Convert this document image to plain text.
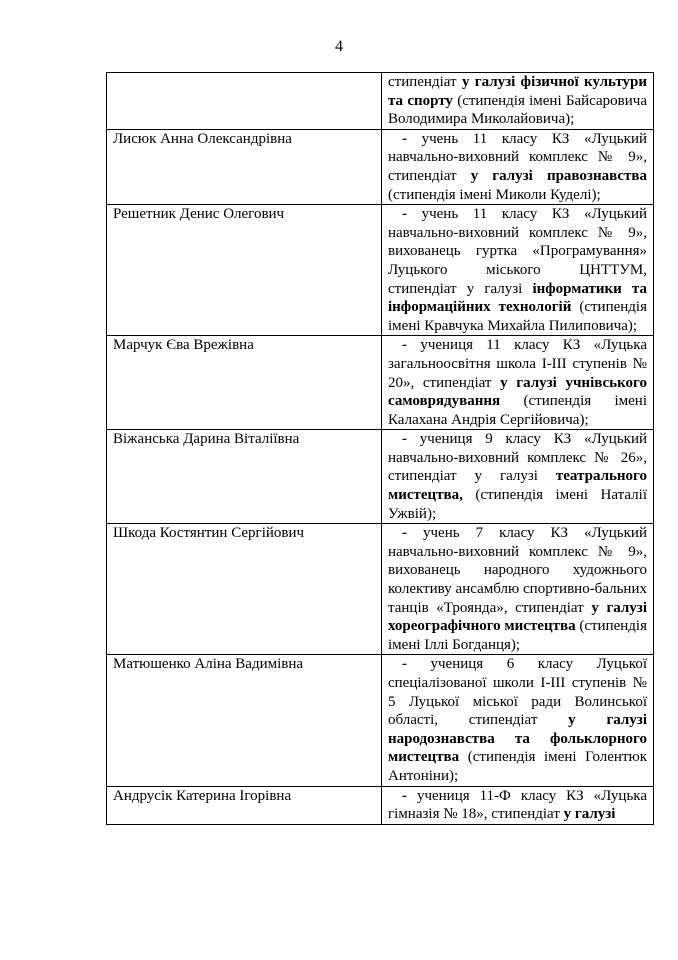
4
	стипендіат у галузі фізичної культури та спорту (стипендія імені Байсаровича Володимира Миколайовича);
Лисюк Анна Олександрівна	- учень 11 класу КЗ «Луцький навчально-виховний комплекс № 9», стипендіат у галузі правознавства (стипендія імені Миколи Куделі);
Решетник Денис Олегович	- учень 11 класу КЗ «Луцький навчально-виховний комплекс № 9», вихованець гуртка «Програмування» Луцького міського ЦНТТУМ, стипендіат у галузі інформатики та інформаційних технологій (стипендія імені Кравчука Михайла Пилиповича);
Марчук Єва Врежівна	- учениця 11 класу КЗ «Луцька загальноосвітня школа І-ІІІ ступенів № 20», стипендіат у галузі учнівського самоврядування (стипендія імені Калахана Андрія Сергійовича);
Віжанська Дарина Віталіївна	- учениця 9 класу КЗ «Луцький навчально-виховний комплекс № 26», стипендіат у галузі театрального мистецтва, (стипендія імені Наталії Ужвій);
Шкода Костянтин Сергійович	- учень 7 класу КЗ «Луцький навчально-виховний комплекс № 9», вихованець народного художнього колективу ансамблю спортивно-бальних танців «Троянда», стипендіат у галузі хореографічного мистецтва (стипендія імені Іллі Богданця);
Матюшенко Аліна Вадимівна	- учениця 6 класу Луцької спеціалізованої школи І-ІІІ ступенів № 5 Луцької міської ради Волинської області, стипендіат у галузі народознавства та фольклорного мистецтва (стипендія імені Голентюк Антоніни);
Андрусік Катерина Ігорівна	- учениця 11-Ф класу КЗ «Луцька гімназія № 18», стипендіат у галузі
